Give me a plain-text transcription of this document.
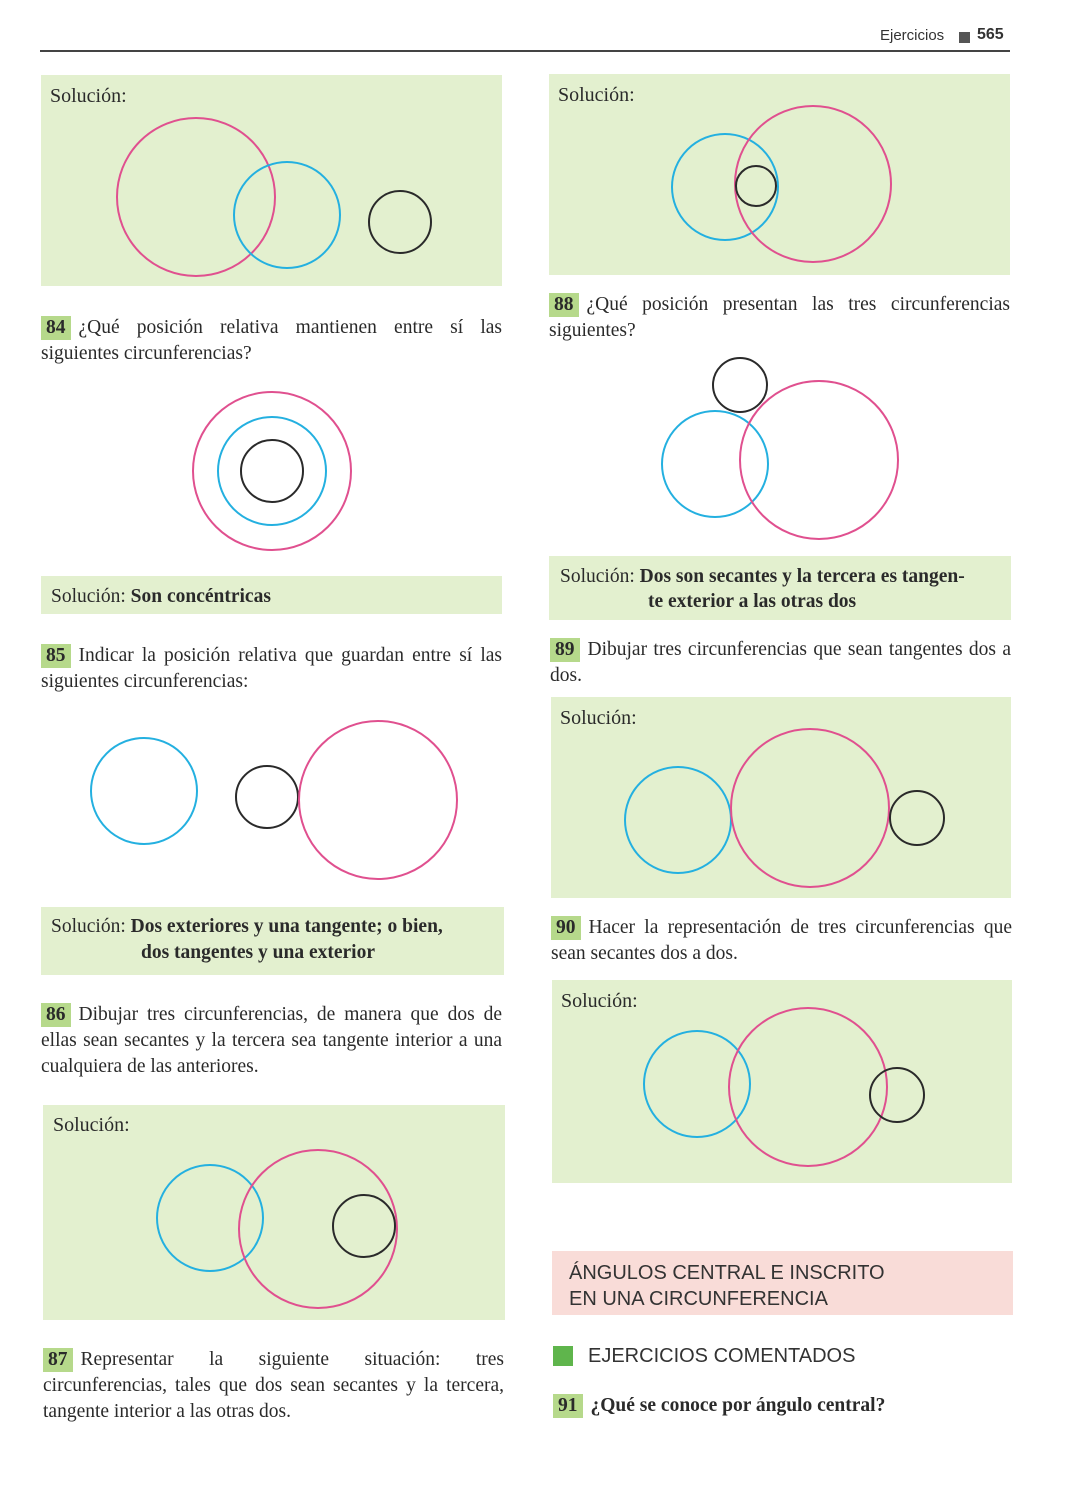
Ejercicios 565
Solución:
84 ¿Qué posición relativa mantienen entre sí las siguientes circunferencias?
Solución: Son concéntricas
85 Indicar la posición relativa que guardan entre sí las siguientes circunferencias:
Solución: Dos exteriores y una tangente; o bien,
dos tangentes y una exterior
86 Dibujar tres circunferencias, de manera que dos de ellas sean secantes y la tercera sea tangente interior a una cualquiera de las anteriores.
Solución:
87 Representar la siguiente situación: tres circunferencias, tales que dos sean secantes y la tercera, tangente interior a las otras dos.
Solución:
88 ¿Qué posición presentan las tres circunferencias siguientes?
Solución: Dos son secantes y la tercera es tangen-
te exterior a las otras dos
89 Dibujar tres circunferencias que sean tangentes dos a dos.
Solución:
90 Hacer la representación de tres circunferencias que sean secantes dos a dos.
Solución:
ÁNGULOS CENTRAL E INSCRITO
EN UNA CIRCUNFERENCIA
EJERCICIOS COMENTADOS
91 ¿Qué se conoce por ángulo central?
